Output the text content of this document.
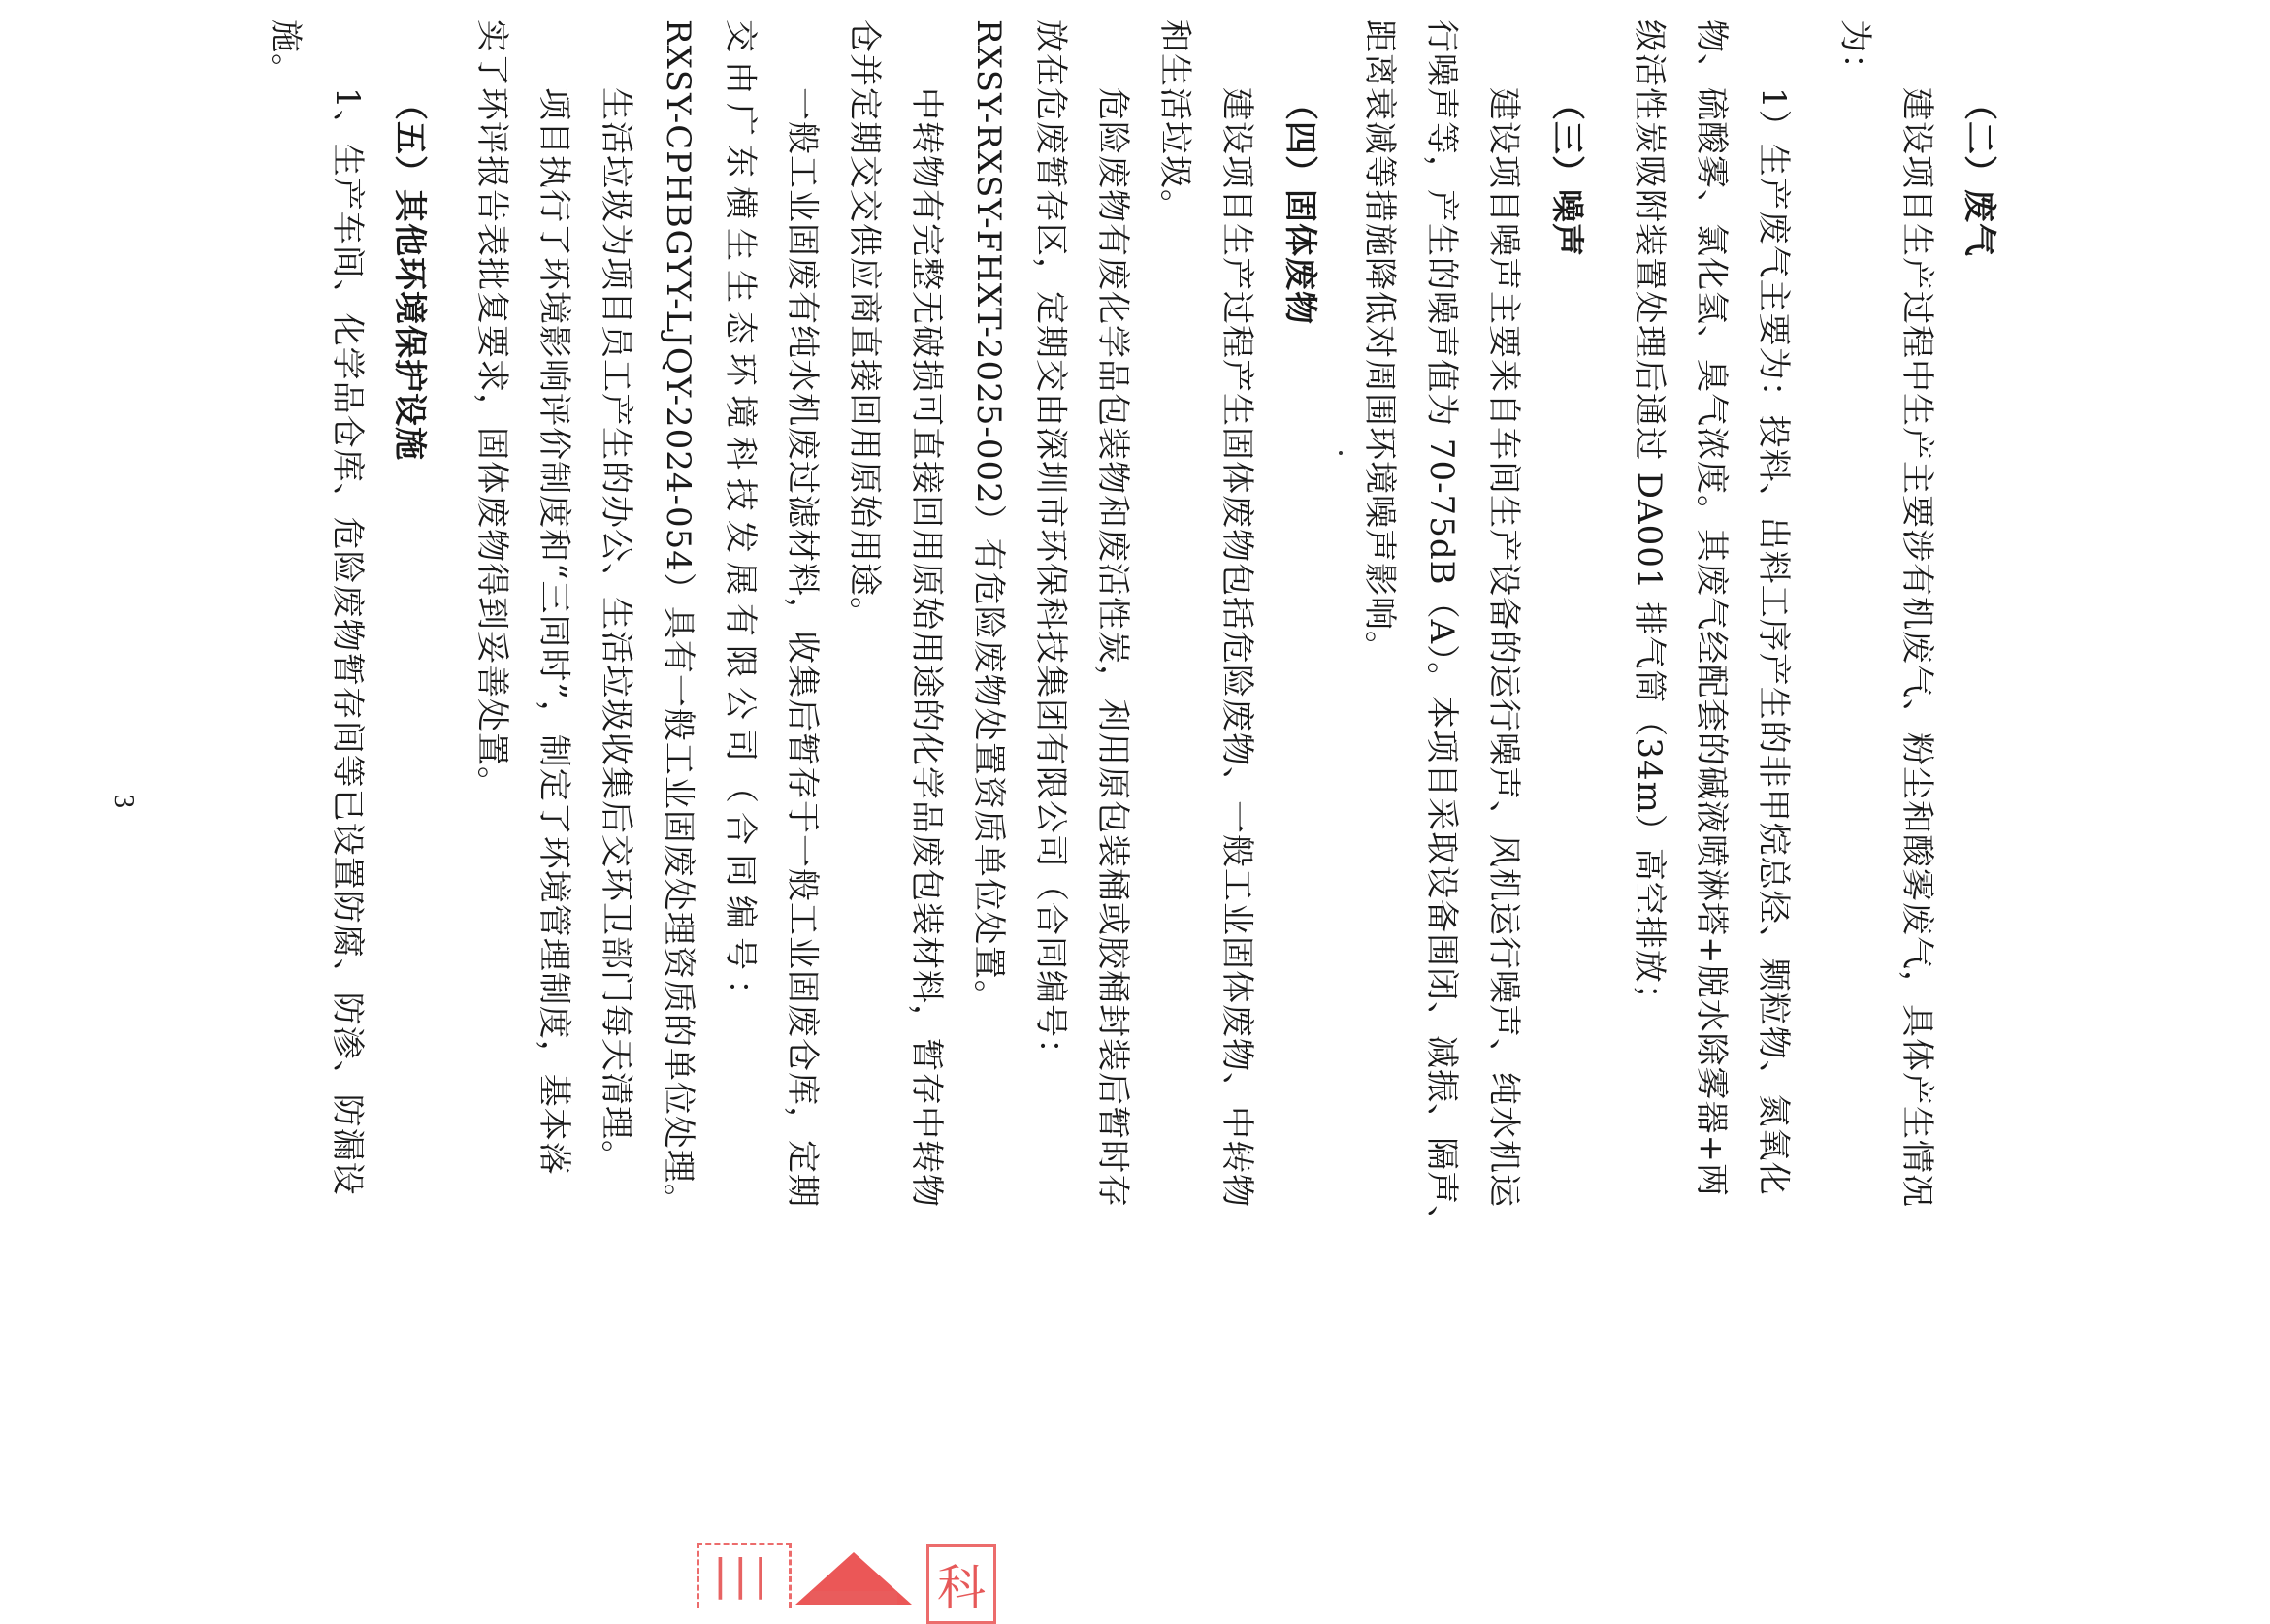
（二）废气
建设项目生产过程中生产主要涉有机废气、粉尘和酸雾废气，具体产生情况
为：
1）生产废气主要为：投料、出料工序产生的非甲烷总烃、颗粒物、氮氧化
物、硫酸雾、氯化氢、臭气浓度。其废气经配套的碱液喷淋塔+脱水除雾器+两
级活性炭吸附装置处理后通过 DA001 排气筒（34m）高空排放；
（三）噪声
建设项目噪声主要来自车间生产设备的运行噪声、风机运行噪声、纯水机运
行噪声等，产生的噪声值为 70-75dB（A）。本项目采取设备围闭、减振、隔声、
距离衰减等措施降低对周围环境噪声影响。
（四）固体废物
建设项目生产过程产生固体废物包括危险废物、一般工业固体废物、中转物
和生活垃圾。
危险废物有废化学品包装物和废活性炭，利用原包装桶或胶桶封装后暂时存
放在危废暂存区，定期交由深圳市环保科技集团有限公司（合同编号：
RXSY-RXSY-FHXT-2025-002）有危险废物处置资质单位处置。
中转物有完整无破损可直接回用原始用途的化学品废包装材料，暂存中转物
仓并定期交交供应商直接回用原始用途。
一般工业固废有纯水机废过滤材料，收集后暂存于一般工业固废仓库，定期
交由广东横生生态环境科技发展有限公司（合同编号：
RXSY-CPHBGYY-LJQY-2024-054）具有一般工业固废处理资质的单位处理。
生活垃圾为项目员工产生的办公、生活垃圾收集后交环卫部门每天清理。
项目执行了环境影响评价制度和“三同时”，制定了环境管理制度，基本落
实了环评报告表批复要求，固体废物得到妥善处置。
（五）其他环境保护设施
1、生产车间、化学品仓库、危险废物暂存间等已设置防腐、防渗、防漏设
施。
3
|||	科
